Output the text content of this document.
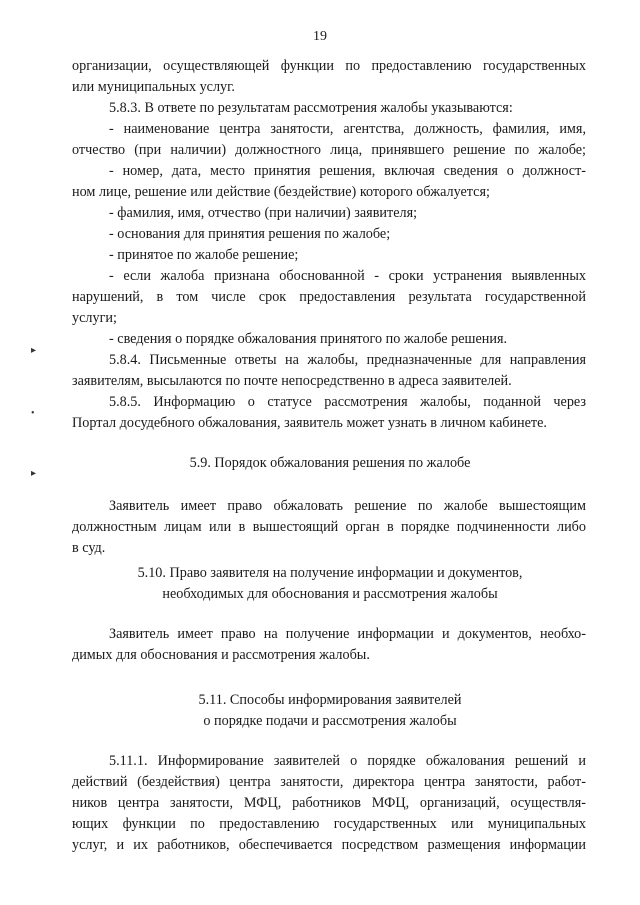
19
организации, осуществляющей функции по предоставлению государственных
или муниципальных услуг.
5.8.3. В ответе по результатам рассмотрения жалобы указываются:
- наименование центра занятости, агентства, должность, фамилия, имя,
отчество (при наличии) должностного лица, принявшего решение по жалобе;
- номер, дата, место принятия решения, включая сведения о должност-
ном лице, решение или действие (бездействие) которого обжалуется;
- фамилия, имя, отчество (при наличии) заявителя;
- основания для принятия решения по жалобе;
- принятое по жалобе решение;
- если жалоба признана обоснованной - сроки устранения выявленных
нарушений, в том числе срок предоставления результата государственной
услуги;
- сведения о порядке обжалования принятого по жалобе решения.
5.8.4. Письменные ответы на жалобы, предназначенные для направления
заявителям, высылаются по почте непосредственно в адреса заявителей.
5.8.5. Информацию о статусе рассмотрения жалобы, поданной через
Портал досудебного обжалования, заявитель может узнать в личном кабинете.
5.9. Порядок обжалования решения по жалобе
Заявитель имеет право обжаловать решение по жалобе вышестоящим
должностным лицам или в вышестоящий орган в порядке подчиненности либо
в суд.
5.10. Право заявителя на получение информации и документов,
необходимых для обоснования и рассмотрения жалобы
Заявитель имеет право на получение информации и документов, необхо-
димых для обоснования и рассмотрения жалобы.
5.11. Способы информирования заявителей
о порядке подачи и рассмотрения жалобы
5.11.1. Информирование заявителей о порядке обжалования решений и
действий (бездействия) центра занятости, директора центра занятости, работ-
ников центра занятости, МФЦ, работников МФЦ, организаций, осуществля-
ющих функции по предоставлению государственных или муниципальных
услуг, и их работников, обеспечивается посредством размещения информации
▸
•
▸
